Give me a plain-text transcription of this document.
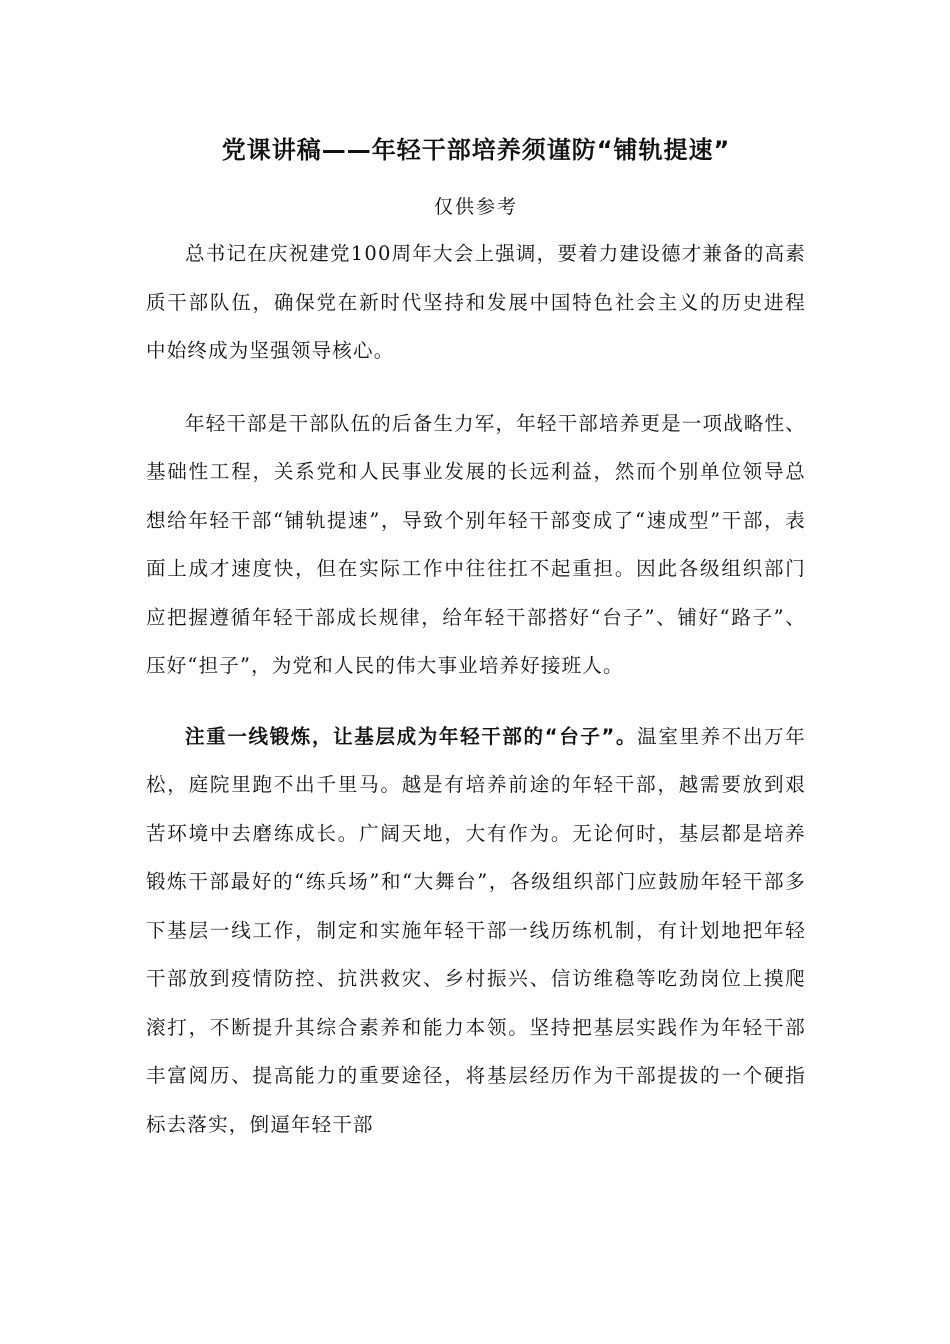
党课讲稿——年轻干部培养须谨防“铺轨提速”
仅供参考

总书记在庆祝建党100周年大会上强调，要着力建设德才兼备的高素质干部队伍，确保党在新时代坚持和发展中国特色社会主义的历史进程中始终成为坚强领导核心。

年轻干部是干部队伍的后备生力军，年轻干部培养更是一项战略性、基础性工程，关系党和人民事业发展的长远利益，然而个别单位领导总想给年轻干部“铺轨提速”，导致个别年轻干部变成了“速成型”干部，表面上成才速度快，但在实际工作中往往扛不起重担。因此各级组织部门应把握遵循年轻干部成长规律，给年轻干部搭好“台子”、铺好“路子”、压好“担子”，为党和人民的伟大事业培养好接班人。

注重一线锻炼，让基层成为年轻干部的“台子”。温室里养不出万年松，庭院里跑不出千里马。越是有培养前途的年轻干部，越需要放到艰苦环境中去磨练成长。广阔天地，大有作为。无论何时，基层都是培养锻炼干部最好的“练兵场”和“大舞台”，各级组织部门应鼓励年轻干部多下基层一线工作，制定和实施年轻干部一线历练机制，有计划地把年轻干部放到疫情防控、抗洪救灾、乡村振兴、信访维稳等吃劲岗位上摸爬滚打，不断提升其综合素养和能力本领。坚持把基层实践作为年轻干部丰富阅历、提高能力的重要途径，将基层经历作为干部提拔的一个硬指标去落实，倒逼年轻干部
